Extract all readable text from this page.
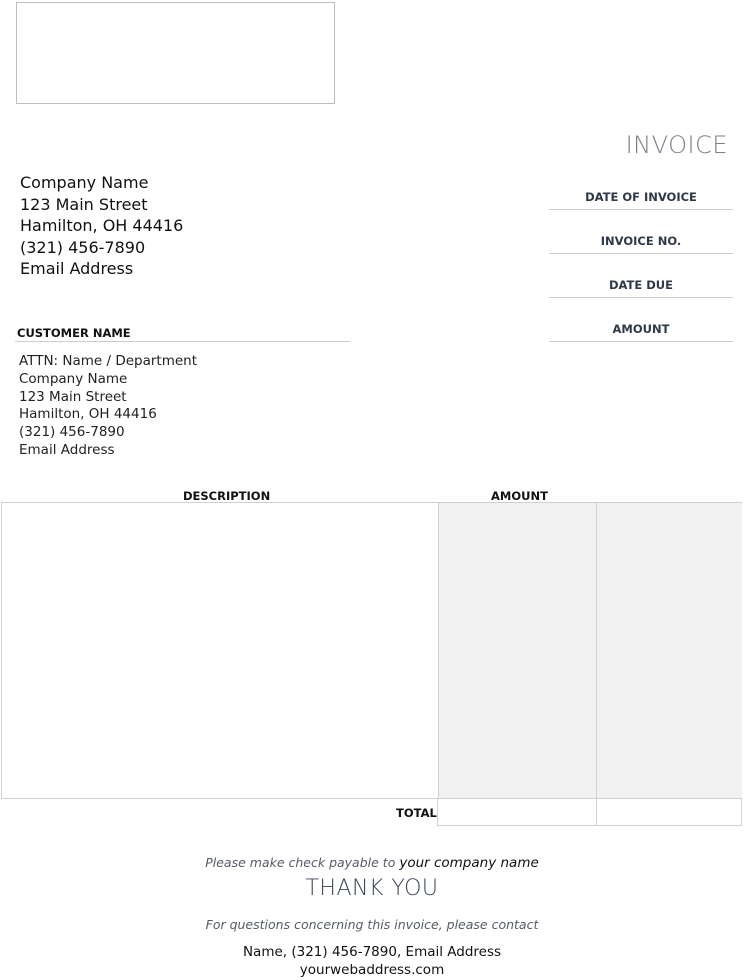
INVOICE
Company Name
123 Main Street
Hamilton, OH 44416
(321) 456-7890
Email Address
DATE OF INVOICE
INVOICE NO.
DATE DUE
AMOUNT
CUSTOMER NAME
ATTN: Name / Department
Company Name
123 Main Street
Hamilton, OH 44416
(321) 456-7890
Email Address
DESCRIPTION	AMOUNT
TOTAL
Please make check payable to your company name
THANK YOU
For questions concerning this invoice, please contact
Name, (321) 456-7890, Email Address
yourwebaddress.com
